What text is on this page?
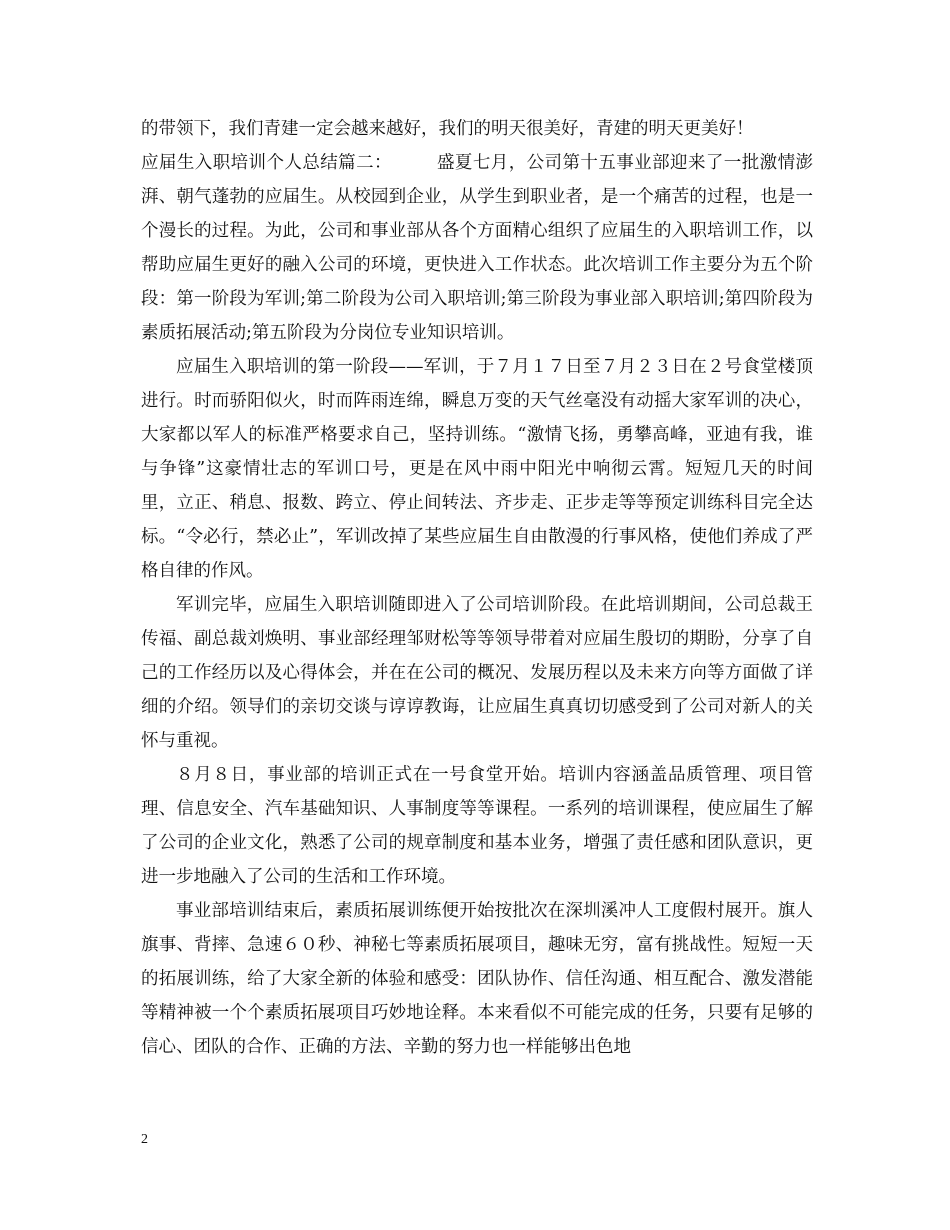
的带领下，我们青建一定会越来越好，我们的明天很美好，青建的明天更美好！

应届生入职培训个人总结篇二：　　　盛夏七月，公司第十五事业部迎来了一批激情澎湃、朝气蓬勃的应届生。从校园到企业，从学生到职业者，是一个痛苦的过程，也是一个漫长的过程。为此，公司和事业部从各个方面精心组织了应届生的入职培训工作，以帮助应届生更好的融入公司的环境，更快进入工作状态。此次培训工作主要分为五个阶段：第一阶段为军训;第二阶段为公司入职培训;第三阶段为事业部入职培训;第四阶段为素质拓展活动;第五阶段为分岗位专业知识培训。

应届生入职培训的第一阶段——军训，于７月１７日至７月２３日在２号食堂楼顶进行。时而骄阳似火，时而阵雨连绵，瞬息万变的天气丝毫没有动摇大家军训的决心，大家都以军人的标准严格要求自己，坚持训练。“激情飞扬，勇攀高峰，亚迪有我，谁与争锋”这豪情壮志的军训口号，更是在风中雨中阳光中响彻云霄。短短几天的时间里，立正、稍息、报数、跨立、停止间转法、齐步走、正步走等等预定训练科目完全达标。“令必行，禁必止”，军训改掉了某些应届生自由散漫的行事风格，使他们养成了严格自律的作风。

军训完毕，应届生入职培训随即进入了公司培训阶段。在此培训期间，公司总裁王传福、副总裁刘焕明、事业部经理邹财松等等领导带着对应届生殷切的期盼，分享了自己的工作经历以及心得体会，并在在公司的概况、发展历程以及未来方向等方面做了详细的介绍。领导们的亲切交谈与谆谆教诲，让应届生真真切切感受到了公司对新人的关怀与重视。

８月８日，事业部的培训正式在一号食堂开始。培训内容涵盖品质管理、项目管理、信息安全、汽车基础知识、人事制度等等课程。一系列的培训课程，使应届生了解了公司的企业文化，熟悉了公司的规章制度和基本业务，增强了责任感和团队意识，更进一步地融入了公司的生活和工作环境。

事业部培训结束后，素质拓展训练便开始按批次在深圳溪冲人工度假村展开。旗人旗事、背摔、急速６０秒、神秘七等素质拓展项目，趣味无穷，富有挑战性。短短一天的拓展训练，给了大家全新的体验和感受：团队协作、信任沟通、相互配合、激发潜能等精神被一个个素质拓展项目巧妙地诠释。本来看似不可能完成的任务，只要有足够的信心、团队的合作、正确的方法、辛勤的努力也一样能够出色地

2
